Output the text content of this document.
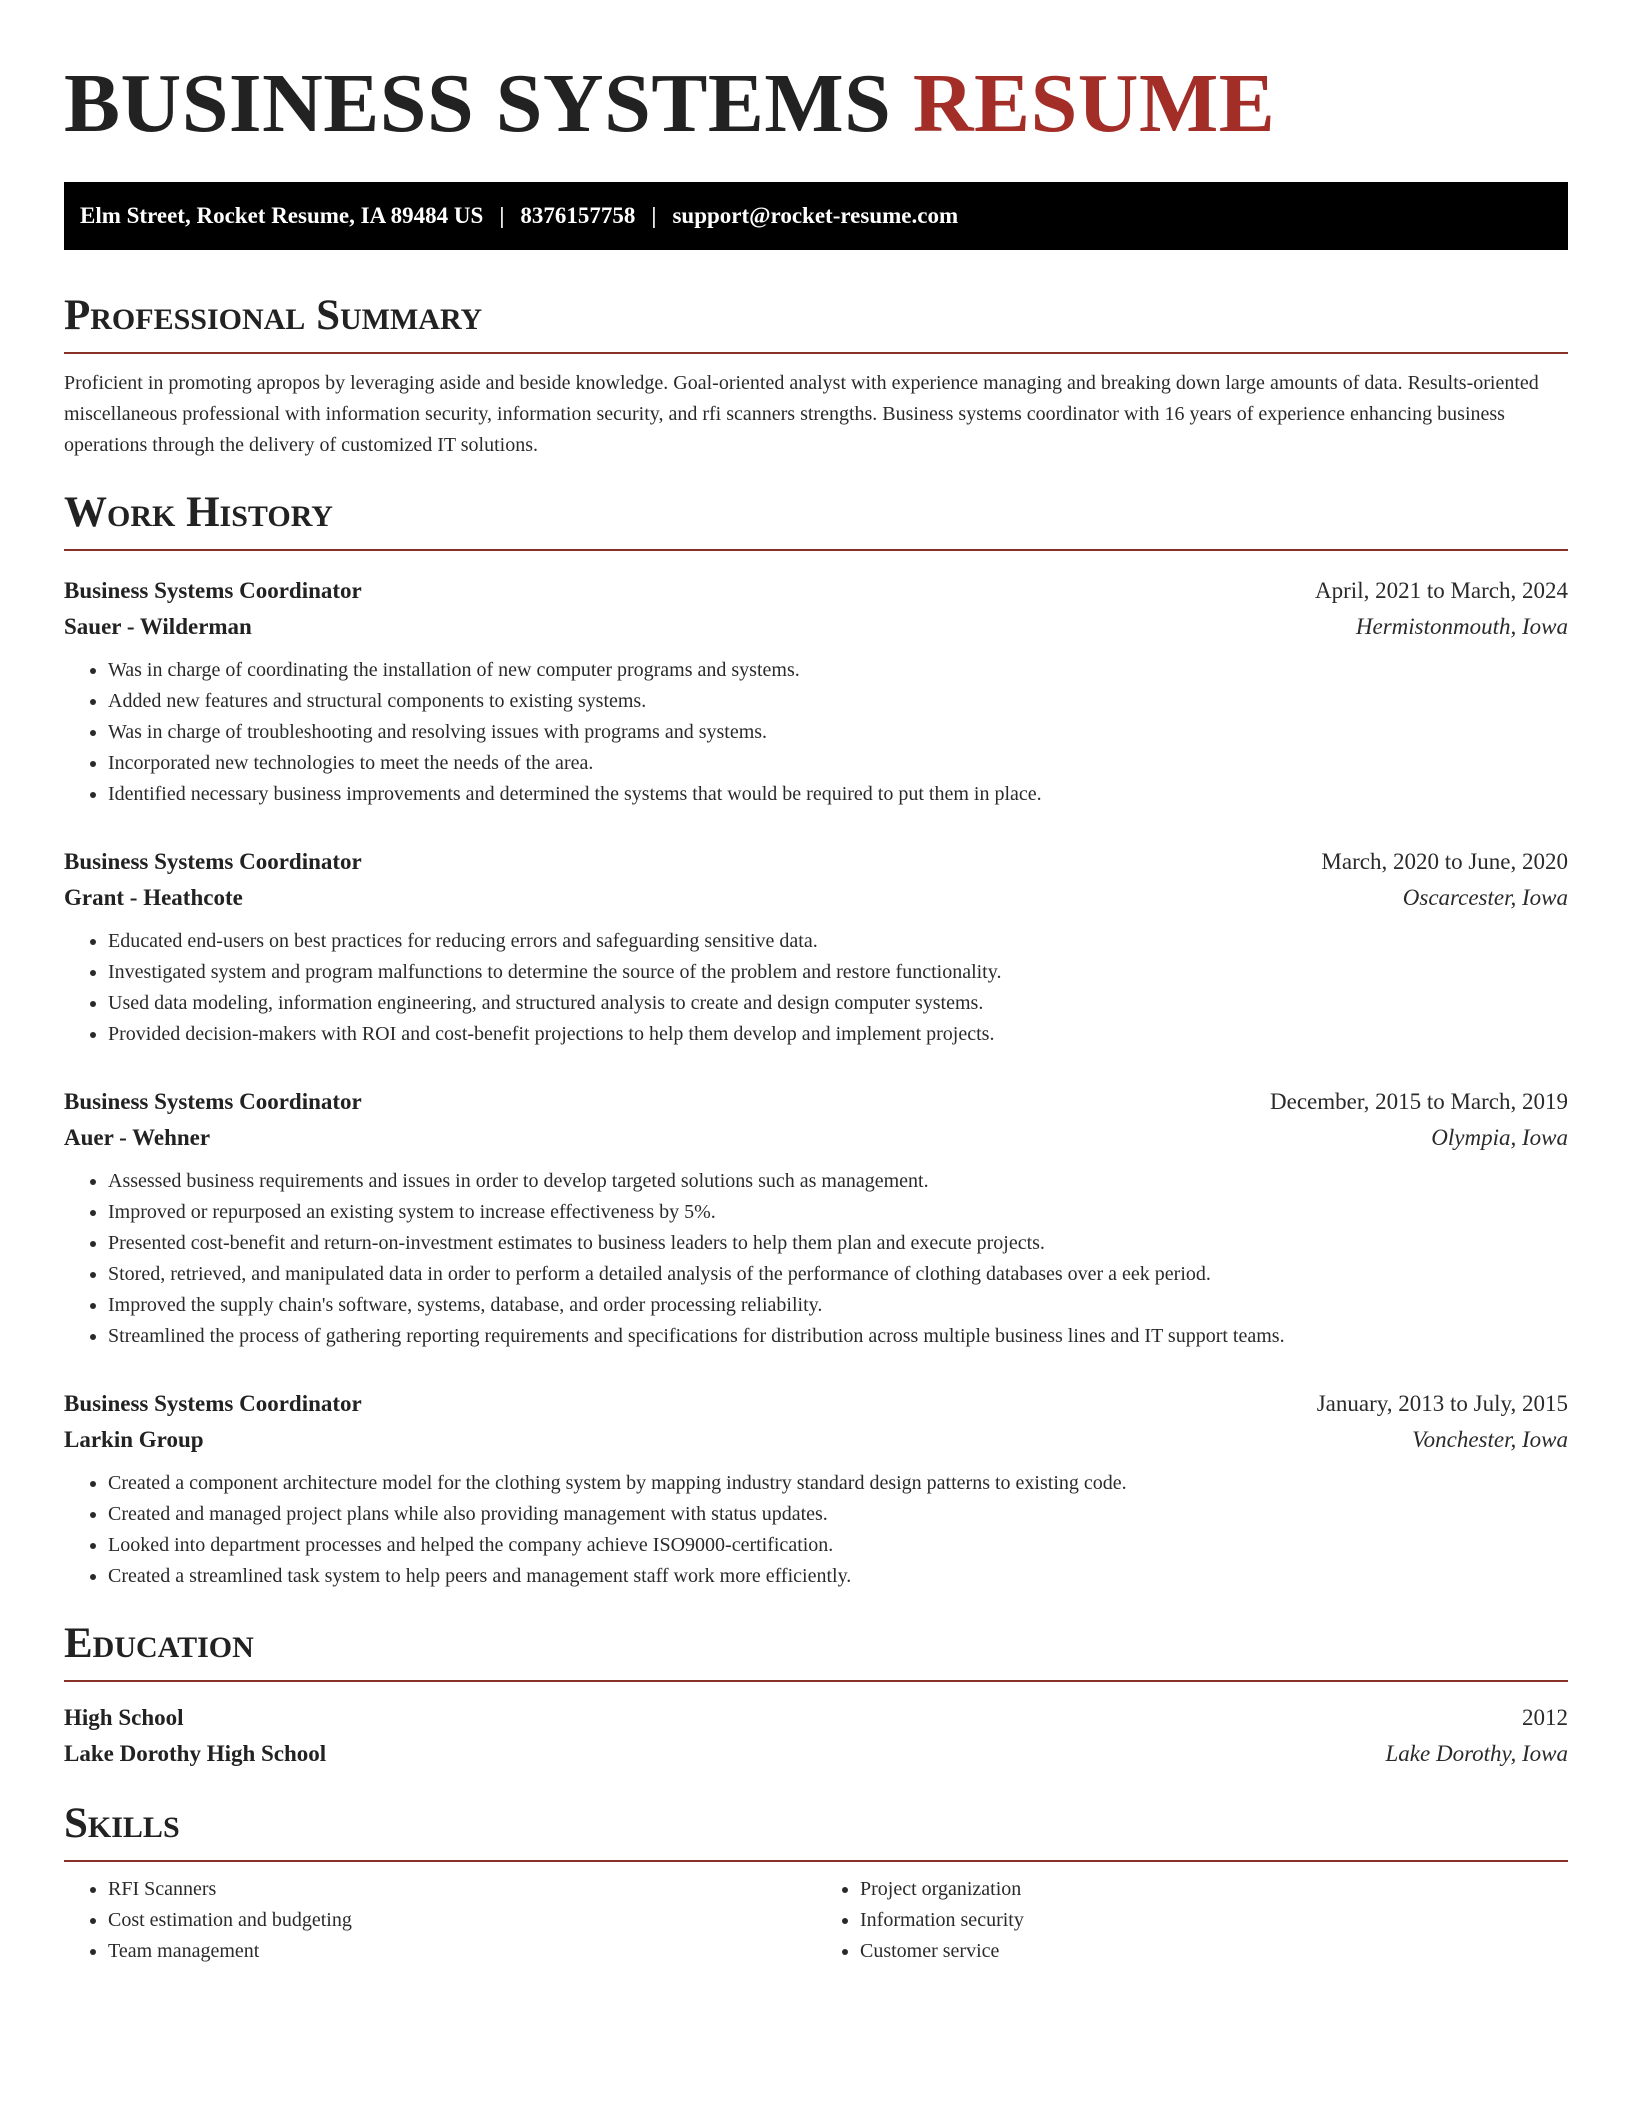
BUSINESS SYSTEMS RESUME
Elm Street, Rocket Resume, IA 89484 US | 8376157758 | support@rocket-resume.com
Professional Summary

Proficient in promoting apropos by leveraging aside and beside knowledge. Goal-oriented analyst with experience managing and breaking down large amounts of data. Results-oriented miscellaneous professional with information security, information security, and rfi scanners strengths. Business systems coordinator with 16 years of experience enhancing business operations through the delivery of customized IT solutions.

Work History
Business Systems Coordinator	April, 2021 to March, 2024
Sauer - Wilderman	Hermistonmouth, Iowa
• Was in charge of coordinating the installation of new computer programs and systems.
• Added new features and structural components to existing systems.
• Was in charge of troubleshooting and resolving issues with programs and systems.
• Incorporated new technologies to meet the needs of the area.
• Identified necessary business improvements and determined the systems that would be required to put them in place.
Business Systems Coordinator	March, 2020 to June, 2020
Grant - Heathcote	Oscarcester, Iowa
• Educated end-users on best practices for reducing errors and safeguarding sensitive data.
• Investigated system and program malfunctions to determine the source of the problem and restore functionality.
• Used data modeling, information engineering, and structured analysis to create and design computer systems.
• Provided decision-makers with ROI and cost-benefit projections to help them develop and implement projects.
Business Systems Coordinator	December, 2015 to March, 2019
Auer - Wehner	Olympia, Iowa
• Assessed business requirements and issues in order to develop targeted solutions such as management.
• Improved or repurposed an existing system to increase effectiveness by 5%.
• Presented cost-benefit and return-on-investment estimates to business leaders to help them plan and execute projects.
• Stored, retrieved, and manipulated data in order to perform a detailed analysis of the performance of clothing databases over a eek period.
• Improved the supply chain's software, systems, database, and order processing reliability.
• Streamlined the process of gathering reporting requirements and specifications for distribution across multiple business lines and IT support teams.
Business Systems Coordinator	January, 2013 to July, 2015
Larkin Group	Vonchester, Iowa
• Created a component architecture model for the clothing system by mapping industry standard design patterns to existing code.
• Created and managed project plans while also providing management with status updates.
• Looked into department processes and helped the company achieve ISO9000-certification.
• Created a streamlined task system to help peers and management staff work more efficiently.
Education
High School	2012
Lake Dorothy High School	Lake Dorothy, Iowa
Skills
• RFI Scanners
• Cost estimation and budgeting
• Team management
• Project organization
• Information security
• Customer service
